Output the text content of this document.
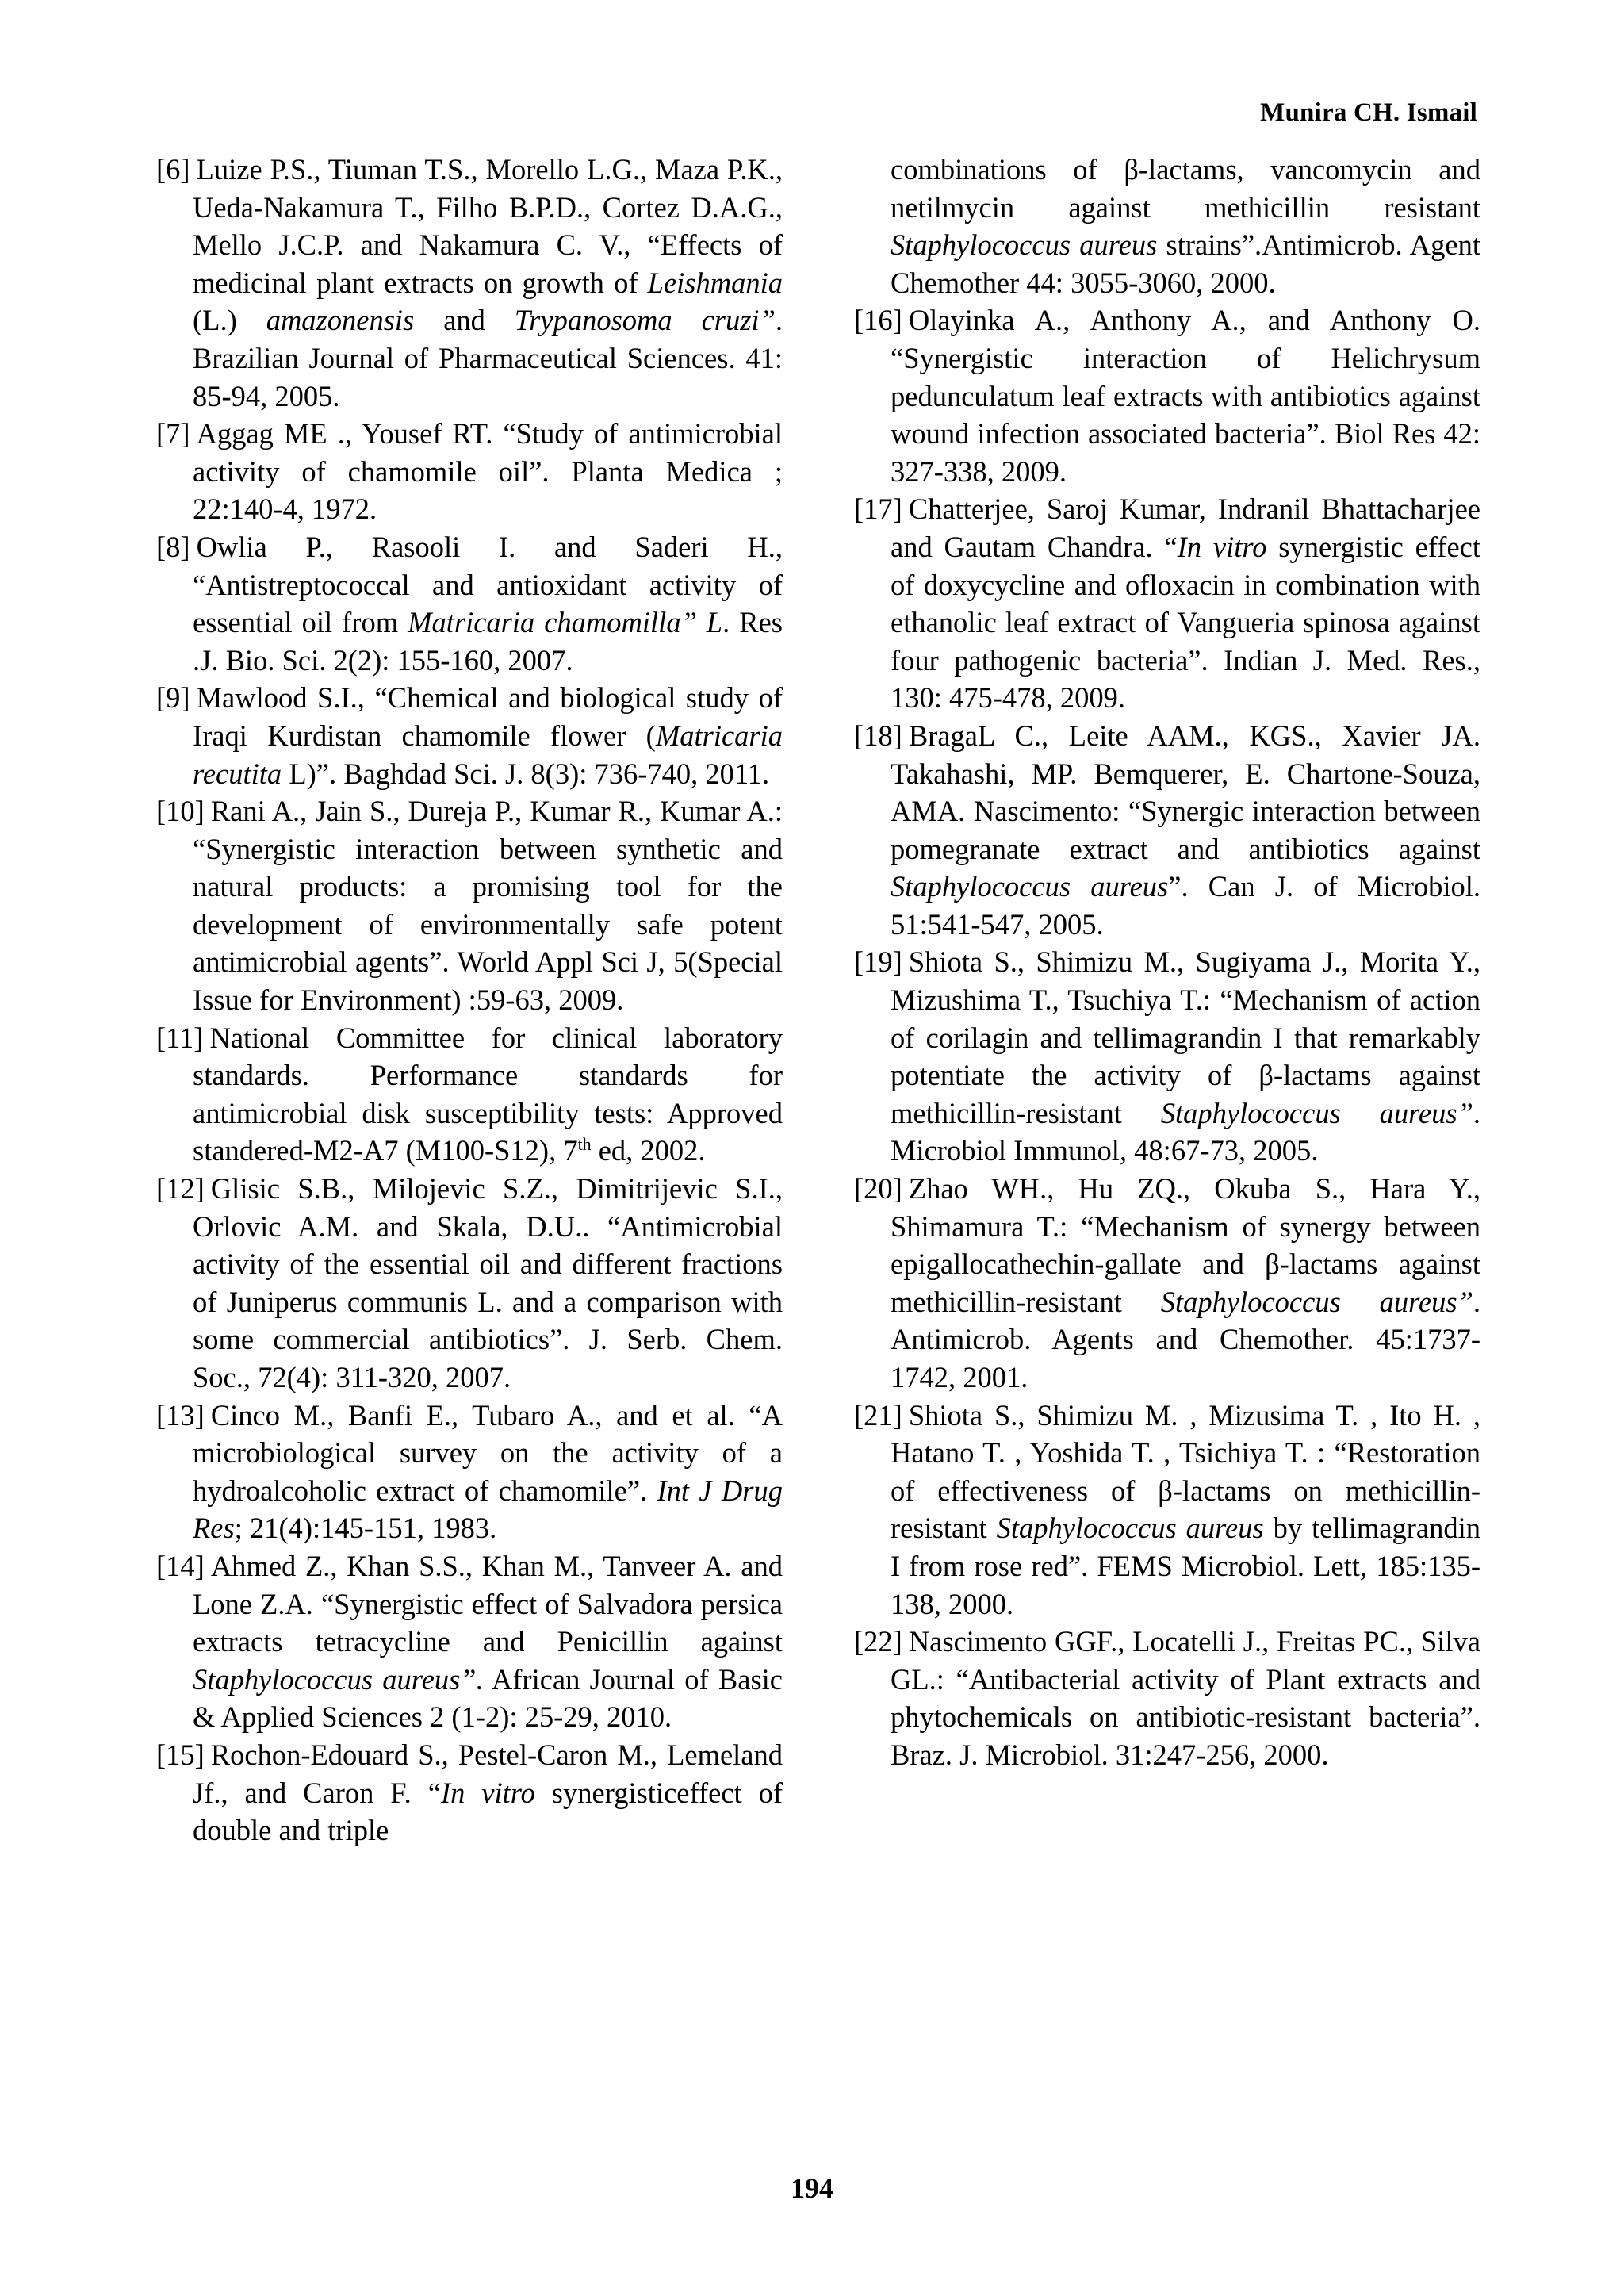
Munira CH. Ismail

[6] Luize P.S., Tiuman T.S., Morello L.G., Maza P.K., Ueda-Nakamura T., Filho B.P.D., Cortez D.A.G., Mello J.C.P. and Nakamura C. V., “Effects of medicinal plant extracts on growth of Leishmania (L.) amazonensis and Trypanosoma cruzi”. Brazilian Journal of Pharmaceutical Sciences. 41: 85-94, 2005.

[7] Aggag ME ., Yousef RT. “Study of antimicrobial activity of chamomile oil”. Planta Medica ; 22:140-4, 1972.

[8] Owlia P., Rasooli I. and Saderi H., “Antistreptococcal and antioxidant activity of essential oil from Matricaria chamomilla” L. Res .J. Bio. Sci. 2(2): 155-160, 2007.

[9] Mawlood S.I., “Chemical and biological study of Iraqi Kurdistan chamomile flower (Matricaria recutita L)”. Baghdad Sci. J. 8(3): 736-740, 2011.

[10] Rani A., Jain S., Dureja P., Kumar R., Kumar A.: “Synergistic interaction between synthetic and natural products: a promising tool for the development of environmentally safe potent antimicrobial agents”. World Appl Sci J, 5(Special Issue for Environment) :59-63, 2009.

[11] National Committee for clinical laboratory standards. Performance standards for antimicrobial disk susceptibility tests: Approved standered-M2-A7 (M100-S12), 7th ed, 2002.

[12] Glisic S.B., Milojevic S.Z., Dimitrijevic S.I., Orlovic A.M. and Skala, D.U.. “Antimicrobial activity of the essential oil and different fractions of Juniperus communis L. and a comparison with some commercial antibiotics”. J. Serb. Chem. Soc., 72(4): 311-320, 2007.

[13] Cinco M., Banfi E., Tubaro A., and et al. “A microbiological survey on the activity of a hydroalcoholic extract of chamomile”. Int J Drug Res; 21(4):145-151, 1983.

[14] Ahmed Z., Khan S.S., Khan M., Tanveer A. and Lone Z.A. “Synergistic effect of Salvadora persica extracts tetracycline and Penicillin against Staphylococcus aureus”. African Journal of Basic & Applied Sciences 2 (1-2): 25-29, 2010.

[15] Rochon-Edouard S., Pestel-Caron M., Lemeland Jf., and Caron F. “In vitro synergisticeffect of double and triple

combinations of β-lactams, vancomycin and netilmycin against methicillin resistant Staphylococcus aureus strains”.Antimicrob. Agent Chemother 44: 3055-3060, 2000.

[16] Olayinka A., Anthony A., and Anthony O. “Synergistic interaction of Helichrysum pedunculatum leaf extracts with antibiotics against wound infection associated bacteria”. Biol Res 42: 327-338, 2009.

[17] Chatterjee, Saroj Kumar, Indranil Bhattacharjee and Gautam Chandra. “In vitro synergistic effect of doxycycline and ofloxacin in combination with ethanolic leaf extract of Vangueria spinosa against four pathogenic bacteria”. Indian J. Med. Res., 130: 475-478, 2009.

[18] BragaL C., Leite AAM., KGS., Xavier JA. Takahashi, MP. Bemquerer, E. Chartone-Souza, AMA. Nascimento: “Synergic interaction between pomegranate extract and antibiotics against Staphylococcus aureus”. Can J. of Microbiol. 51:541-547, 2005.

[19] Shiota S., Shimizu M., Sugiyama J., Morita Y., Mizushima T., Tsuchiya T.: “Mechanism of action of corilagin and tellimagrandin I that remarkably potentiate the activity of β-lactams against methicillin-resistant Staphylococcus aureus”. Microbiol Immunol, 48:67-73, 2005.

[20] Zhao WH., Hu ZQ., Okuba S., Hara Y., Shimamura T.: “Mechanism of synergy between epigallocathechin-gallate and β-lactams against methicillin-resistant Staphylococcus aureus”. Antimicrob. Agents and Chemother. 45:1737-1742, 2001.

[21] Shiota S., Shimizu M. , Mizusima T. , Ito H. , Hatano T. , Yoshida T. , Tsichiya T. : “Restoration of effectiveness of β-lactams on methicillin-resistant Staphylococcus aureus by tellimagrandin I from rose red”. FEMS Microbiol. Lett, 185:135-138, 2000.

[22] Nascimento GGF., Locatelli J., Freitas PC., Silva GL.: “Antibacterial activity of Plant extracts and phytochemicals on antibiotic-resistant bacteria”. Braz. J. Microbiol. 31:247-256, 2000.

194
